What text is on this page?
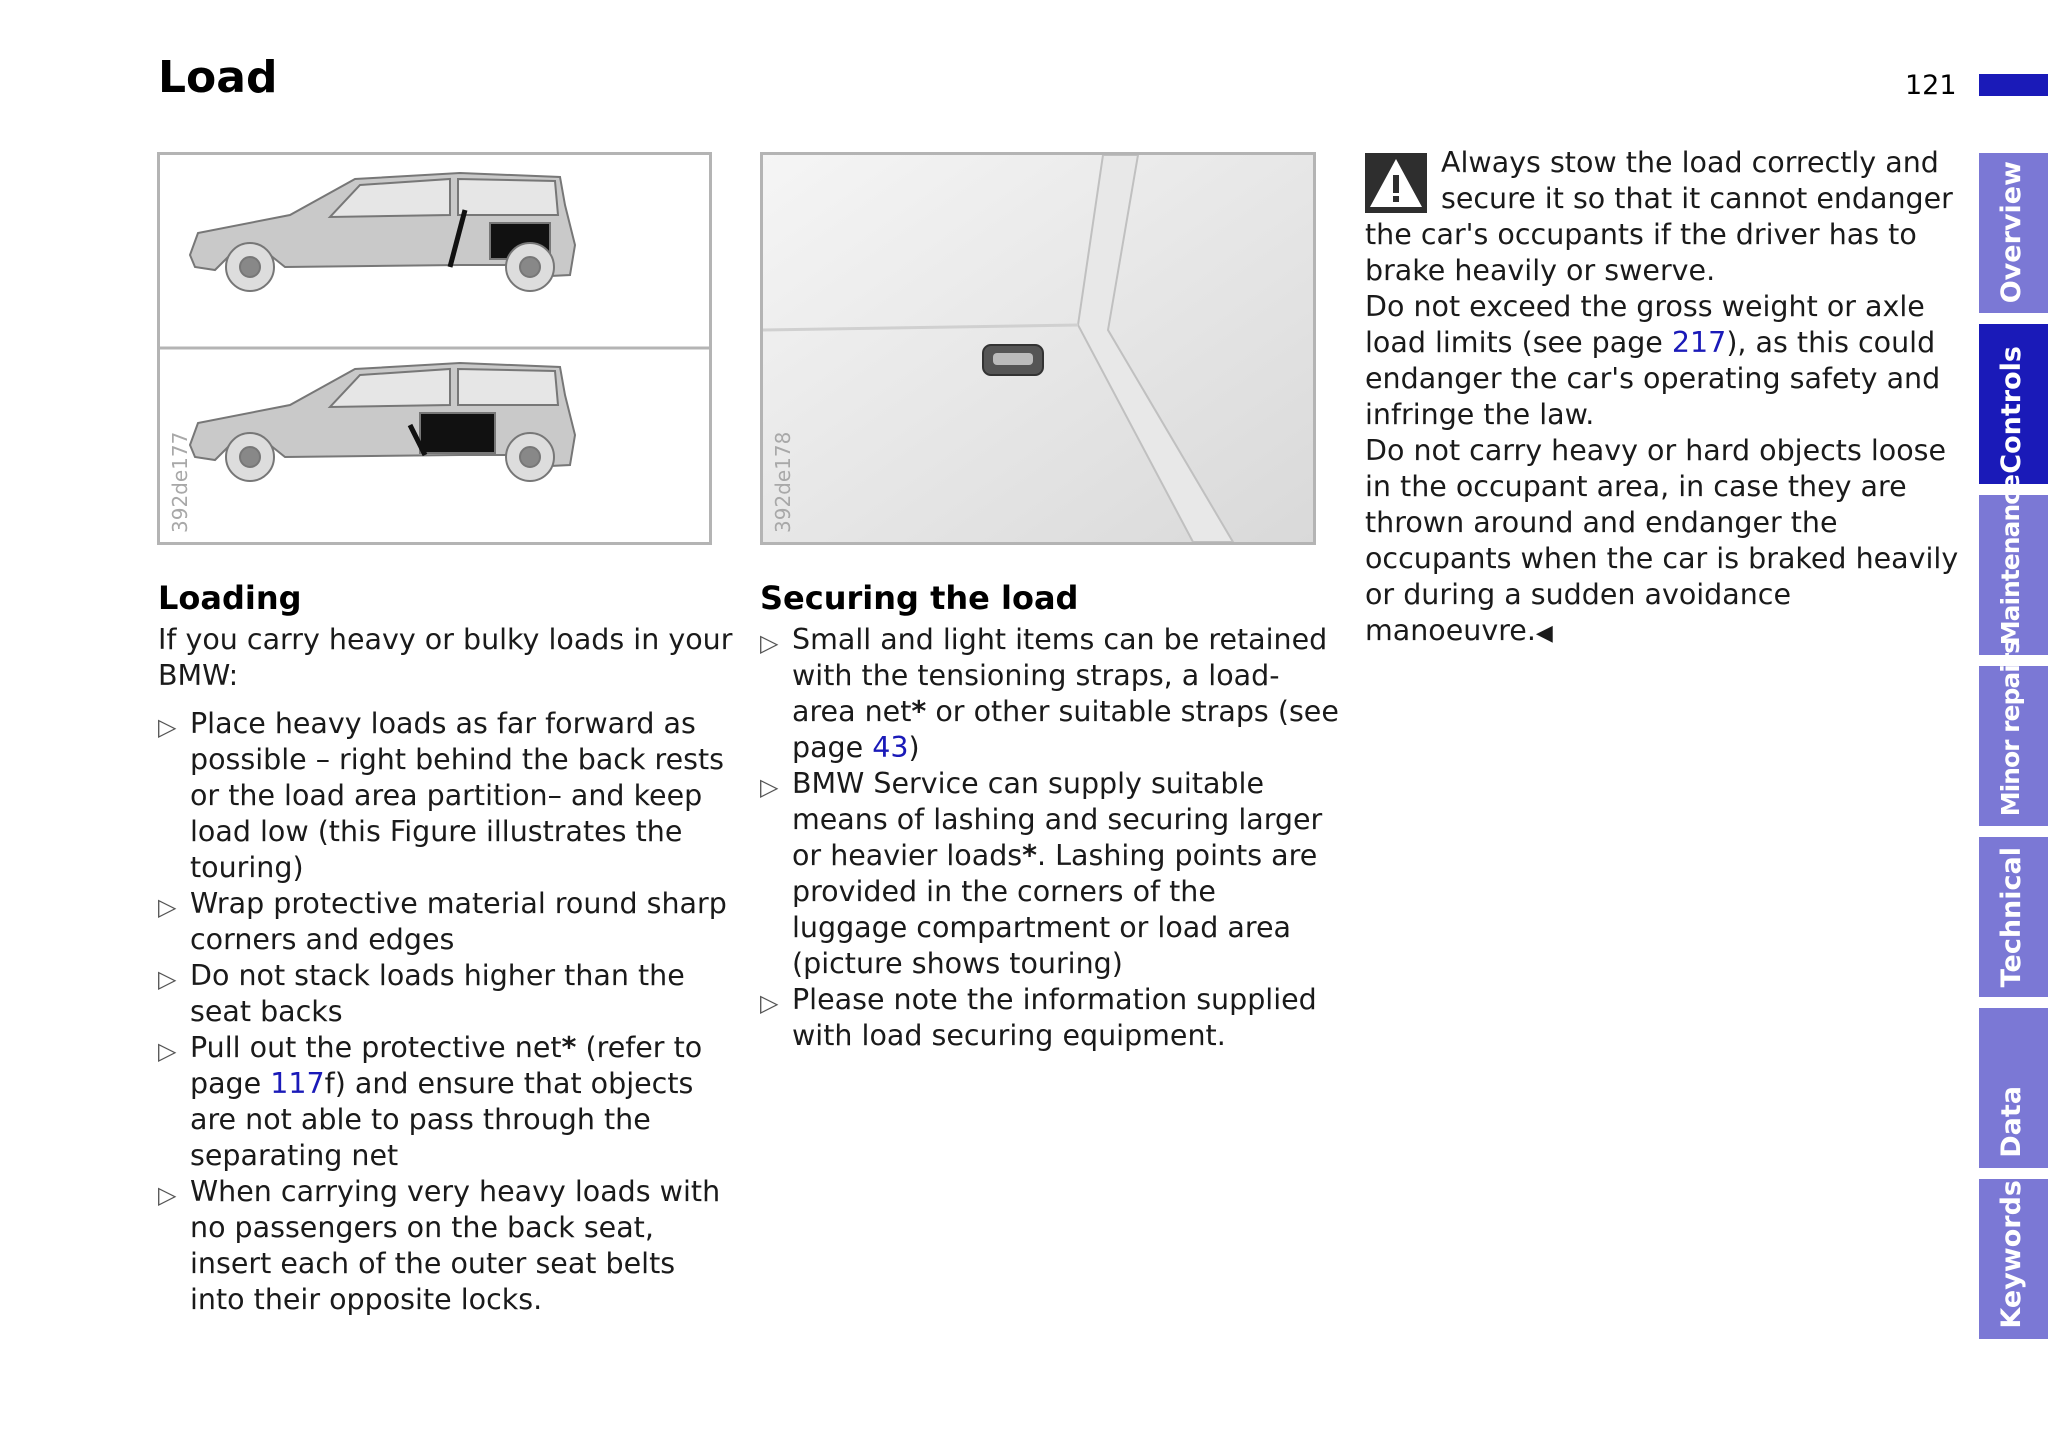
Load	121
392de177	392de178
Loading

If you carry heavy or bulky loads in your BMW:

▷ Place heavy loads as far forward as possible – right behind the back rests or the load area partition– and keep load low (this Figure illustrates the touring)
▷ Wrap protective material round sharp corners and edges
▷ Do not stack loads higher than the seat backs
▷ Pull out the protective net* (refer to page 117f) and ensure that objects are not able to pass through the separating net
▷ When carrying very heavy loads with no passengers on the back seat, insert each of the outer seat belts into their opposite locks.
Securing the load
▷ Small and light items can be retained with the tensioning straps, a load-area net* or other suitable straps (see page 43)
▷ BMW Service can supply suitable means of lashing and securing larger or heavier loads*. Lashing points are provided in the corners of the luggage compartment or load area (picture shows touring)
▷ Please note the information supplied with load securing equipment.

Always stow the load correctly and secure it so that it cannot endanger the car's occupants if the driver has to brake heavily or swerve.

Do not exceed the gross weight or axle load limits (see page 217), as this could endanger the car's operating safety and infringe the law.

Do not carry heavy or hard objects loose in the occupant area, in case they are thrown around and endanger the occupants when the car is braked heavily or during a sudden avoidance manoeuvre.◀

Overview
Controls
Maintenance
Minor repairs
Technical
Data
Keywords
